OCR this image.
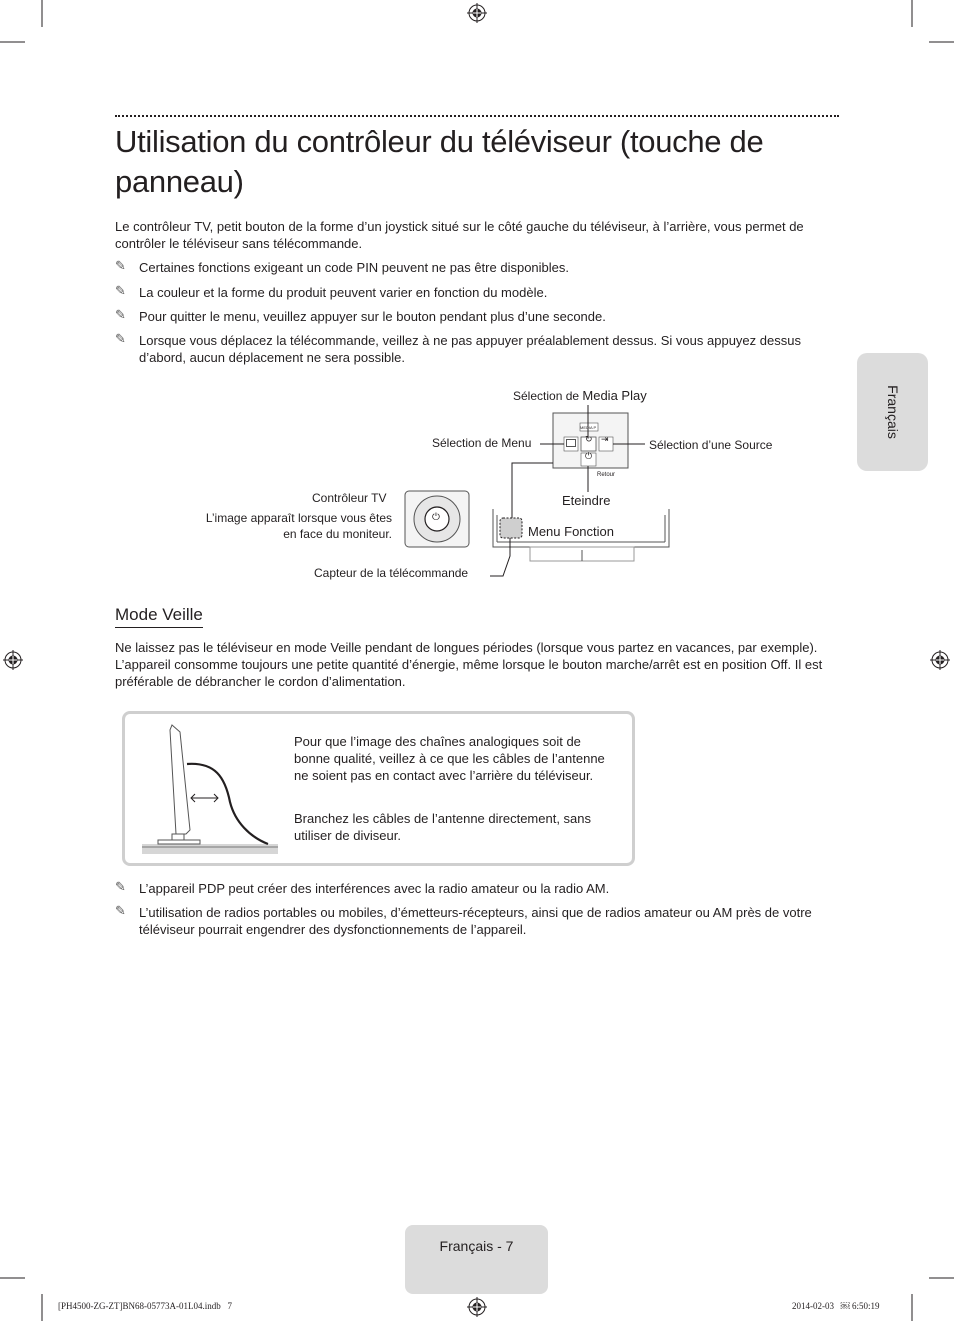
Utilisation du contrôleur du téléviseur (touche de panneau)
Le contrôleur TV, petit bouton de la forme d’un joystick situé sur le côté gauche du téléviseur, à l’arrière, vous permet de contrôler le téléviseur sans télécommande.
✎ Certaines fonctions exigeant un code PIN peuvent ne pas être disponibles.
✎ La couleur et la forme du produit peuvent varier en fonction du modèle.
✎ Pour quitter le menu, veuillez appuyer sur le bouton pendant plus d’une seconde.
✎ Lorsque vous déplacez la télécommande, veillez à ne pas appuyer préalablement dessus. Si vous appuyez dessus d’abord, aucun déplacement ne sera possible.
Français
↻ ⇥
⏻
⏻
MEDIA P
Retour
Sélection de Media Play
Sélection de Menu	Sélection d’une Source
Eteindre
Menu Fonction
Contrôleur TV
L’image apparaît lorsque vous êtes
en face du moniteur.
Capteur de la télécommande
Mode Veille
Ne laissez pas le téléviseur en mode Veille pendant de longues périodes (lorsque vous partez en vacances, par exemple). L’appareil consomme toujours une petite quantité d’énergie, même lorsque le bouton marche/arrêt est en position Off. Il est préférable de débrancher le cordon d’alimentation.
Pour que l’image des chaînes analogiques soit de bonne qualité, veillez à ce que les câbles de l’antenne ne soient pas en contact avec l’arrière du téléviseur.
Branchez les câbles de l’antenne directement, sans utiliser de diviseur.
✎ L’appareil PDP peut créer des interférences avec la radio amateur ou la radio AM.
✎ L’utilisation de radios portables ou mobiles, d’émetteurs-récepteurs, ainsi que de radios amateur ou AM près de votre téléviseur pourrait engendrer des dysfonctionnements de l’appareil.
Français - 7
[PH4500-ZG-ZT]BN68-05773A-01L04.indb   7	2014-02-03   ￼ 6:50:19
